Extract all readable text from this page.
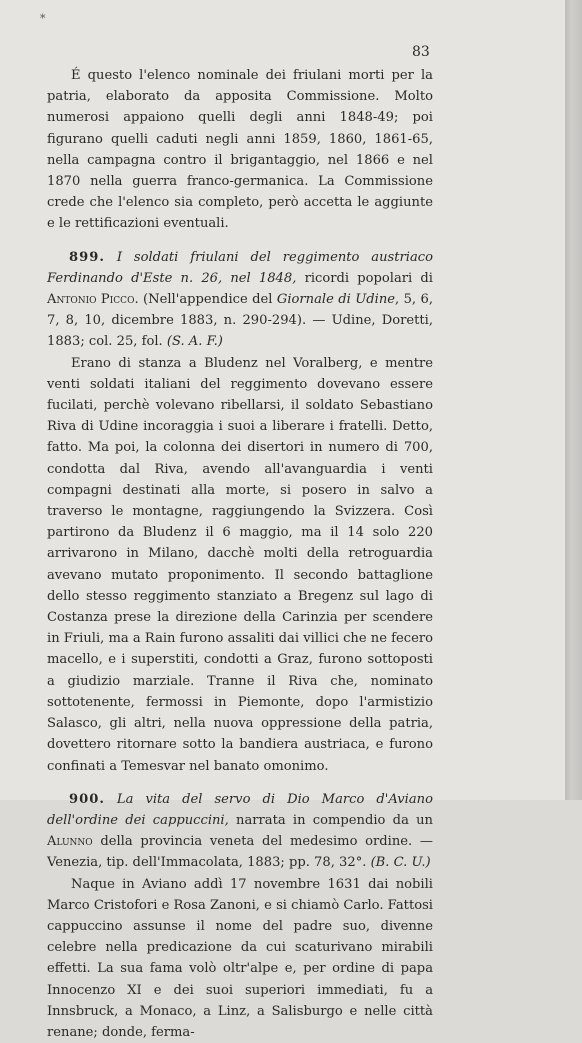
*
83

É questo l'elenco nominale dei friulani morti per la patria, elaborato da apposita Commissione. Molto numerosi appaiono quelli degli anni 1848-49; poi figurano quelli caduti negli anni 1859, 1860, 1861-65, nella campagna contro il brigantaggio, nel 1866 e nel 1870 nella guerra franco-germanica. La Commissione crede che l'elenco sia completo, però accetta le aggiunte e le rettificazioni eventuali.

899. I soldati friulani del reggimento austriaco Ferdinando d'Este n. 26, nel 1848, ricordi popolari di Antonio Picco. (Nell'appendice del Giornale di Udine, 5, 6, 7, 8, 10, dicembre 1883, n. 290-294). — Udine, Doretti, 1883; col. 25, fol. (S. A. F.)

Erano di stanza a Bludenz nel Voralberg, e mentre venti soldati italiani del reggimento dovevano essere fucilati, perchè volevano ribellarsi, il soldato Sebastiano Riva di Udine incoraggia i suoi a liberare i fratelli. Detto, fatto. Ma poi, la colonna dei disertori in numero di 700, condotta dal Riva, avendo all'avanguardia i venti compagni destinati alla morte, si posero in salvo a traverso le montagne, raggiungendo la Svizzera. Così partirono da Bludenz il 6 maggio, ma il 14 solo 220 arrivarono in Milano, dacchè molti della retroguardia avevano mutato proponimento. Il secondo battaglione dello stesso reggimento stanziato a Bregenz sul lago di Costanza prese la direzione della Carinzia per scendere in Friuli, ma a Rain furono assaliti dai villici che ne fecero macello, e i superstiti, condotti a Graz, furono sottoposti a giudizio marziale. Tranne il Riva che, nominato sottotenente, fermossi in Piemonte, dopo l'armistizio Salasco, gli altri, nella nuova oppressione della patria, dovettero ritornare sotto la bandiera austriaca, e furono confinati a Temesvar nel banato omonimo.

900. La vita del servo di Dio Marco d'Aviano dell'ordine dei cappuccini, narrata in compendio da un Alunno della provincia veneta del medesimo ordine. — Venezia, tip. dell'Immacolata, 1883; pp. 78, 32°. (B. C. U.)

Naque in Aviano addì 17 novembre 1631 dai nobili Marco Cristofori e Rosa Zanoni, e si chiamò Carlo. Fattosi cappuccino assunse il nome del padre suo, divenne celebre nella predicazione da cui scaturivano mirabili effetti. La sua fama volò oltr'alpe e, per ordine di papa Innocenzo XI e dei suoi superiori immediati, fu a Innsbruck, a Monaco, a Linz, a Salisburgo e nelle città renane; donde, ferma-
